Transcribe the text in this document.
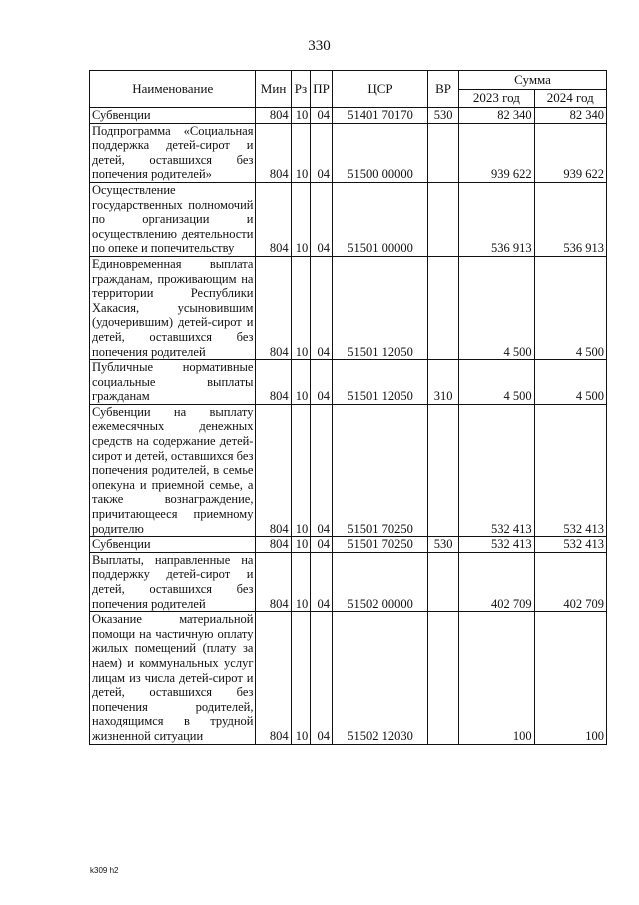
330
Наименование	Мин	Рз	ПР	ЦСР	ВР	Сумма	
						2023 год	2024 год
Субвенции	804	10	04	51401 70170	530	82 340	82 340
Подпрограмма «Социальная поддержка детей-сирот и детей, оставшихся без попечения родителей»	804	10	04	51500 00000		939 622	939 622
Осуществление государственных полномочий по организации и осуществлению деятельности по опеке и попечительству	804	10	04	51501 00000		536 913	536 913
Единовременная выплата гражданам, проживающим на территории Республики Хакасия, усыновившим (удочерившим) детей-сирот и детей, оставшихся без попечения родителей	804	10	04	51501 12050		4 500	4 500
Публичные нормативные социальные выплаты гражданам	804	10	04	51501 12050	310	4 500	4 500
Субвенции на выплату ежемесячных денежных средств на содержание детей-сирот и детей, оставшихся без попечения родителей, в семье опекуна и приемной семье, а также вознаграждение, причитающееся приемному родителю	804	10	04	51501 70250		532 413	532 413
Субвенции	804	10	04	51501 70250	530	532 413	532 413
Выплаты, направленные на поддержку детей-сирот и детей, оставшихся без попечения родителей	804	10	04	51502 00000		402 709	402 709
Оказание материальной помощи на частичную оплату жилых помещений (плату за наем) и коммунальных услуг лицам из числа детей-сирот и детей, оставшихся без попечения родителей, находящимся в трудной жизненной ситуации	804	10	04	51502 12030		100	100
k309 h2
